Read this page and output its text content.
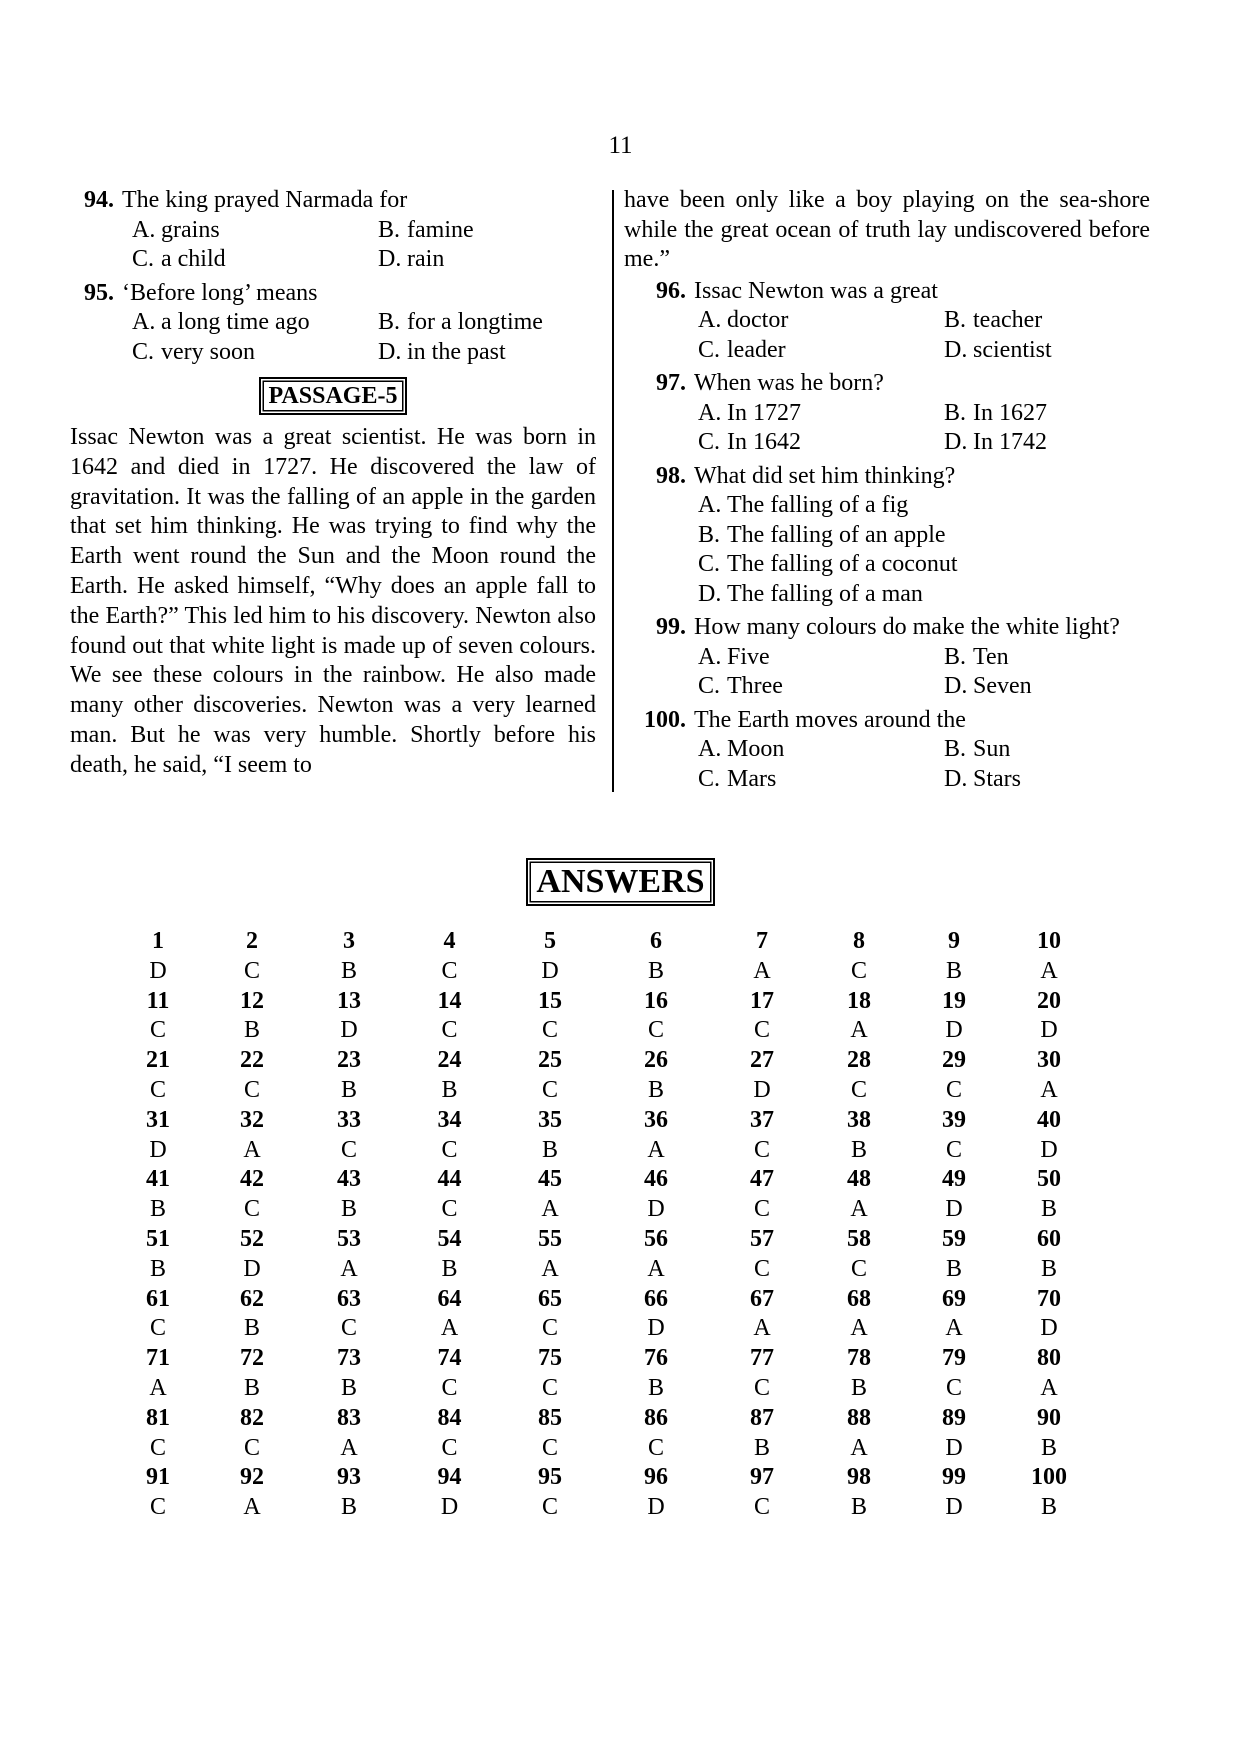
11
94. The king prayed Narmada for
A. grains	B. famine
C. a child	D. rain
95. ‘Before long’ means
A. a long time ago	B. for a longtime
C. very soon	D. in the past
PASSAGE-5
Issac Newton was a great scientist. He was born in 1642 and died in 1727. He discovered the law of gravitation. It was the falling of an apple in the garden that set him thinking. He was trying to find why the Earth went round the Sun and the Moon round the Earth. He asked himself, “Why does an apple fall to the Earth?” This led him to his discovery. Newton also found out that white light is made up of seven colours. We see these colours in the rainbow. He also made many other discoveries. Newton was a very learned man. But he was very humble. Shortly before his death, he said, “I seem to
have been only like a boy playing on the sea-shore while the great ocean of truth lay undiscovered before me.”
96. Issac Newton was a great
A. doctor	B. teacher
C. leader	D. scientist
97. When was he born?
A. In 1727	B. In 1627
C. In 1642	D. In 1742
98. What did set him thinking?
A. The falling of a fig
B. The falling of an apple
C. The falling of a coconut
D. The falling of a man
99. How many colours do make the white light?
A. Five	B. Ten
C. Three	D. Seven
100. The Earth moves around the
A. Moon	B. Sun
C. Mars	D. Stars
ANSWERS
1	2	3	4	5	6	7	8	9	10
D	C	B	C	D	B	A	C	B	A
11	12	13	14	15	16	17	18	19	20
C	B	D	C	C	C	C	A	D	D
21	22	23	24	25	26	27	28	29	30
C	C	B	B	C	B	D	C	C	A
31	32	33	34	35	36	37	38	39	40
D	A	C	C	B	A	C	B	C	D
41	42	43	44	45	46	47	48	49	50
B	C	B	C	A	D	C	A	D	B
51	52	53	54	55	56	57	58	59	60
B	D	A	B	A	A	C	C	B	B
61	62	63	64	65	66	67	68	69	70
C	B	C	A	C	D	A	A	A	D
71	72	73	74	75	76	77	78	79	80
A	B	B	C	C	B	C	B	C	A
81	82	83	84	85	86	87	88	89	90
C	C	A	C	C	C	B	A	D	B
91	92	93	94	95	96	97	98	99	100
C	A	B	D	C	D	C	B	D	B
